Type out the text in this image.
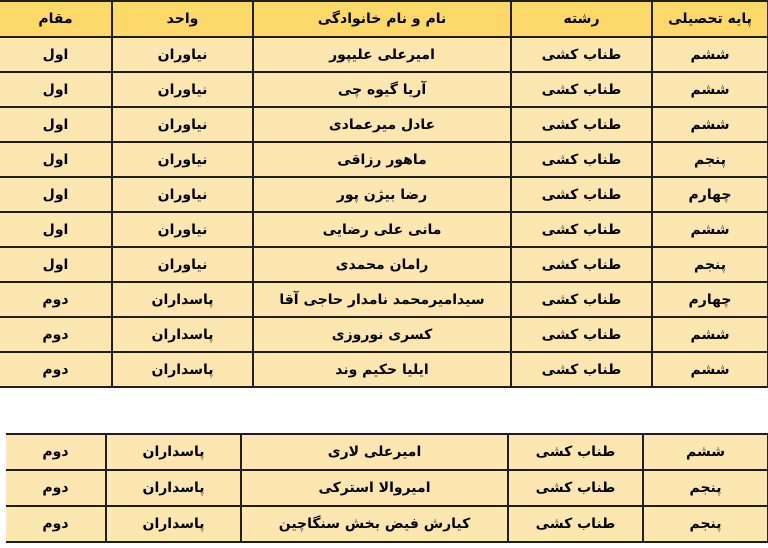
پایه تحصیلی	رشته	نام و نام خانوادگی	واحد	مقام
ششم	طناب کشی	امیرعلی علیپور	نیاوران	اول
ششم	طناب کشی	آریا گیوه چی	نیاوران	اول
ششم	طناب کشی	عادل میرعمادی	نیاوران	اول
پنجم	طناب کشی	ماهور رزاقی	نیاوران	اول
چهارم	طناب کشی	رضا بیژن پور	نیاوران	اول
ششم	طناب کشی	مانی علی رضایی	نیاوران	اول
پنجم	طناب کشی	رامان محمدی	نیاوران	اول
چهارم	طناب کشی	سیدامیرمحمد نامدار حاجی آقا	پاسداران	دوم
ششم	طناب کشی	کسری نوروزی	پاسداران	دوم
ششم	طناب کشی	ایلیا حکیم وند	پاسداران	دوم
ششم	طناب کشی	امیرعلی لاری	پاسداران	دوم
پنجم	طناب کشی	امیروالا استرکی	پاسداران	دوم
پنجم	طناب کشی	کیارش فیض بخش سنگاچین	پاسداران	دوم
